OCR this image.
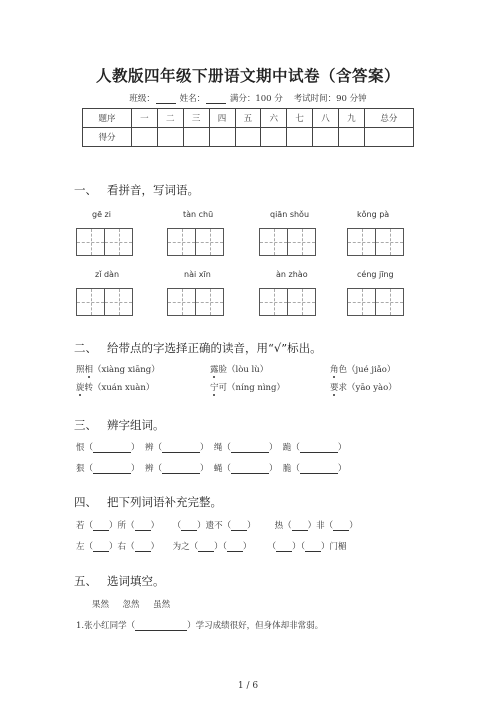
人教版四年级下册语文期中试卷（含答案）
班级：	姓名：	满分：100 分 考试时间：90 分钟
题序	一	二	三	四	五	六	七	八	九	总分
得分										
一、 看拼音，写词语。
gē zi	tàn chū	qiān shǒu	kǒng pà
zǐ dàn	nài xīn	àn zhào	céng jīng
二、 给带点的字选择正确的读音，用“√”标出。
照相（xiàng xiāng）	露脸（lòu lù）	角色（jué jiǎo）
旋转（xuán xuàn）	宁可（níng nìng）	要求（yāo yào）
三、 辨字组词。
恨（	） 辨（	） 绳（	） 跪（	）
狠（	） 辨（	） 蝇（	） 脆（	）
四、 把下列词语补充完整。
若（ ）所（ ） （ ）遗不（ ） 热（ ）非（ ）
左（ ）右（ ） 为之（ ）（ ） （ ）（ ）门楣
五、 选词填空。
果然 忽然 虽然
1.张小红同学（	）学习成绩很好，但身体却非常弱。
1 / 6
